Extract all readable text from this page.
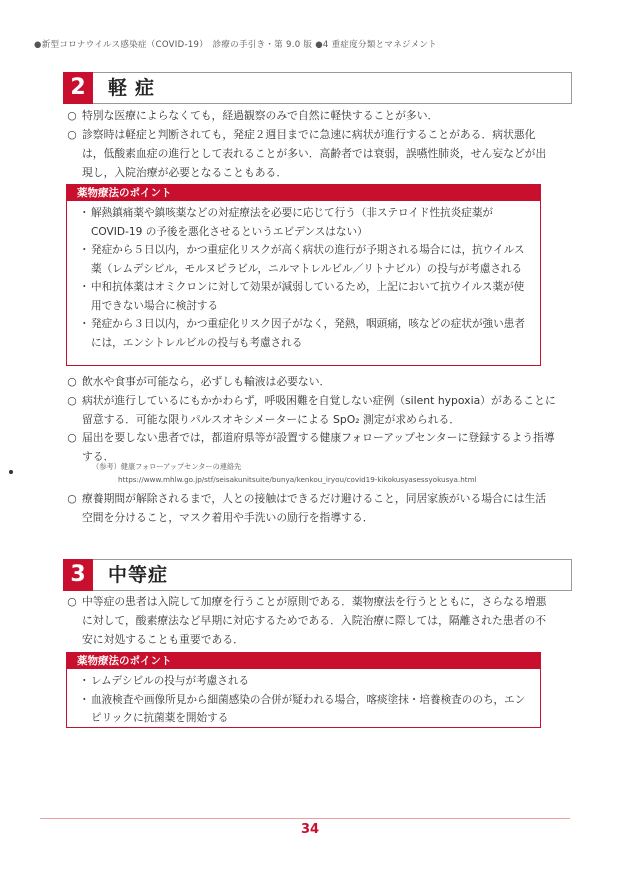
●新型コロナウイルス感染症（COVID-19）　診療の手引き・第 9.0 版 ●4 重症度分類とマネジメント
2	軽症
○ 特別な医療によらなくても，経過観察のみで自然に軽快することが多い．
○ 診察時は軽症と判断されても，発症２週目までに急速に病状が進行することがある．病状悪化は，低酸素血症の進行として表れることが多い．高齢者では衰弱，誤嚥性肺炎，せん妄などが出現し，入院治療が必要となることもある．
薬物療法のポイント
・ 解熱鎮痛薬や鎮咳薬などの対症療法を必要に応じて行う（非ステロイド性抗炎症薬がCOVID-19 の予後を悪化させるというエビデンスはない）
・ 発症から５日以内，かつ重症化リスクが高く病状の進行が予期される場合には，抗ウイルス薬（レムデシビル，モルヌピラビル，ニルマトレルビル／リトナビル）の投与が考慮される
・ 中和抗体薬はオミクロンに対して効果が減弱しているため，上記において抗ウイルス薬が使用できない場合に検討する
・ 発症から３日以内，かつ重症化リスク因子がなく，発熱，咽頭痛，咳などの症状が強い患者には，エンシトレルビルの投与も考慮される
○ 飲水や食事が可能なら，必ずしも輸液は必要ない．
○ 病状が進行しているにもかかわらず，呼吸困難を自覚しない症例（silent hypoxia）があることに留意する．可能な限りパルスオキシメーターによる SpO₂ 測定が求められる．
○ 届出を要しない患者では，都道府県等が設置する健康フォローアップセンターに登録するよう指導する．
（参考）健康フォローアップセンターの連絡先
https://www.mhlw.go.jp/stf/seisakunitsuite/bunya/kenkou_iryou/covid19-kikokusyasessyokusya.html
○ 療養期間が解除されるまで，人との接触はできるだけ避けること，同居家族がいる場合には生活空間を分けること，マスク着用や手洗いの励行を指導する．
3	中等症
○ 中等症の患者は入院して加療を行うことが原則である．薬物療法を行うとともに，さらなる増悪に対して，酸素療法など早期に対応するためである．入院治療に際しては，隔離された患者の不安に対処することも重要である．
薬物療法のポイント
・ レムデシビルの投与が考慮される
・ 血液検査や画像所見から細菌感染の合併が疑われる場合，喀痰塗抹・培養検査ののち，エンピリックに抗菌薬を開始する
34
